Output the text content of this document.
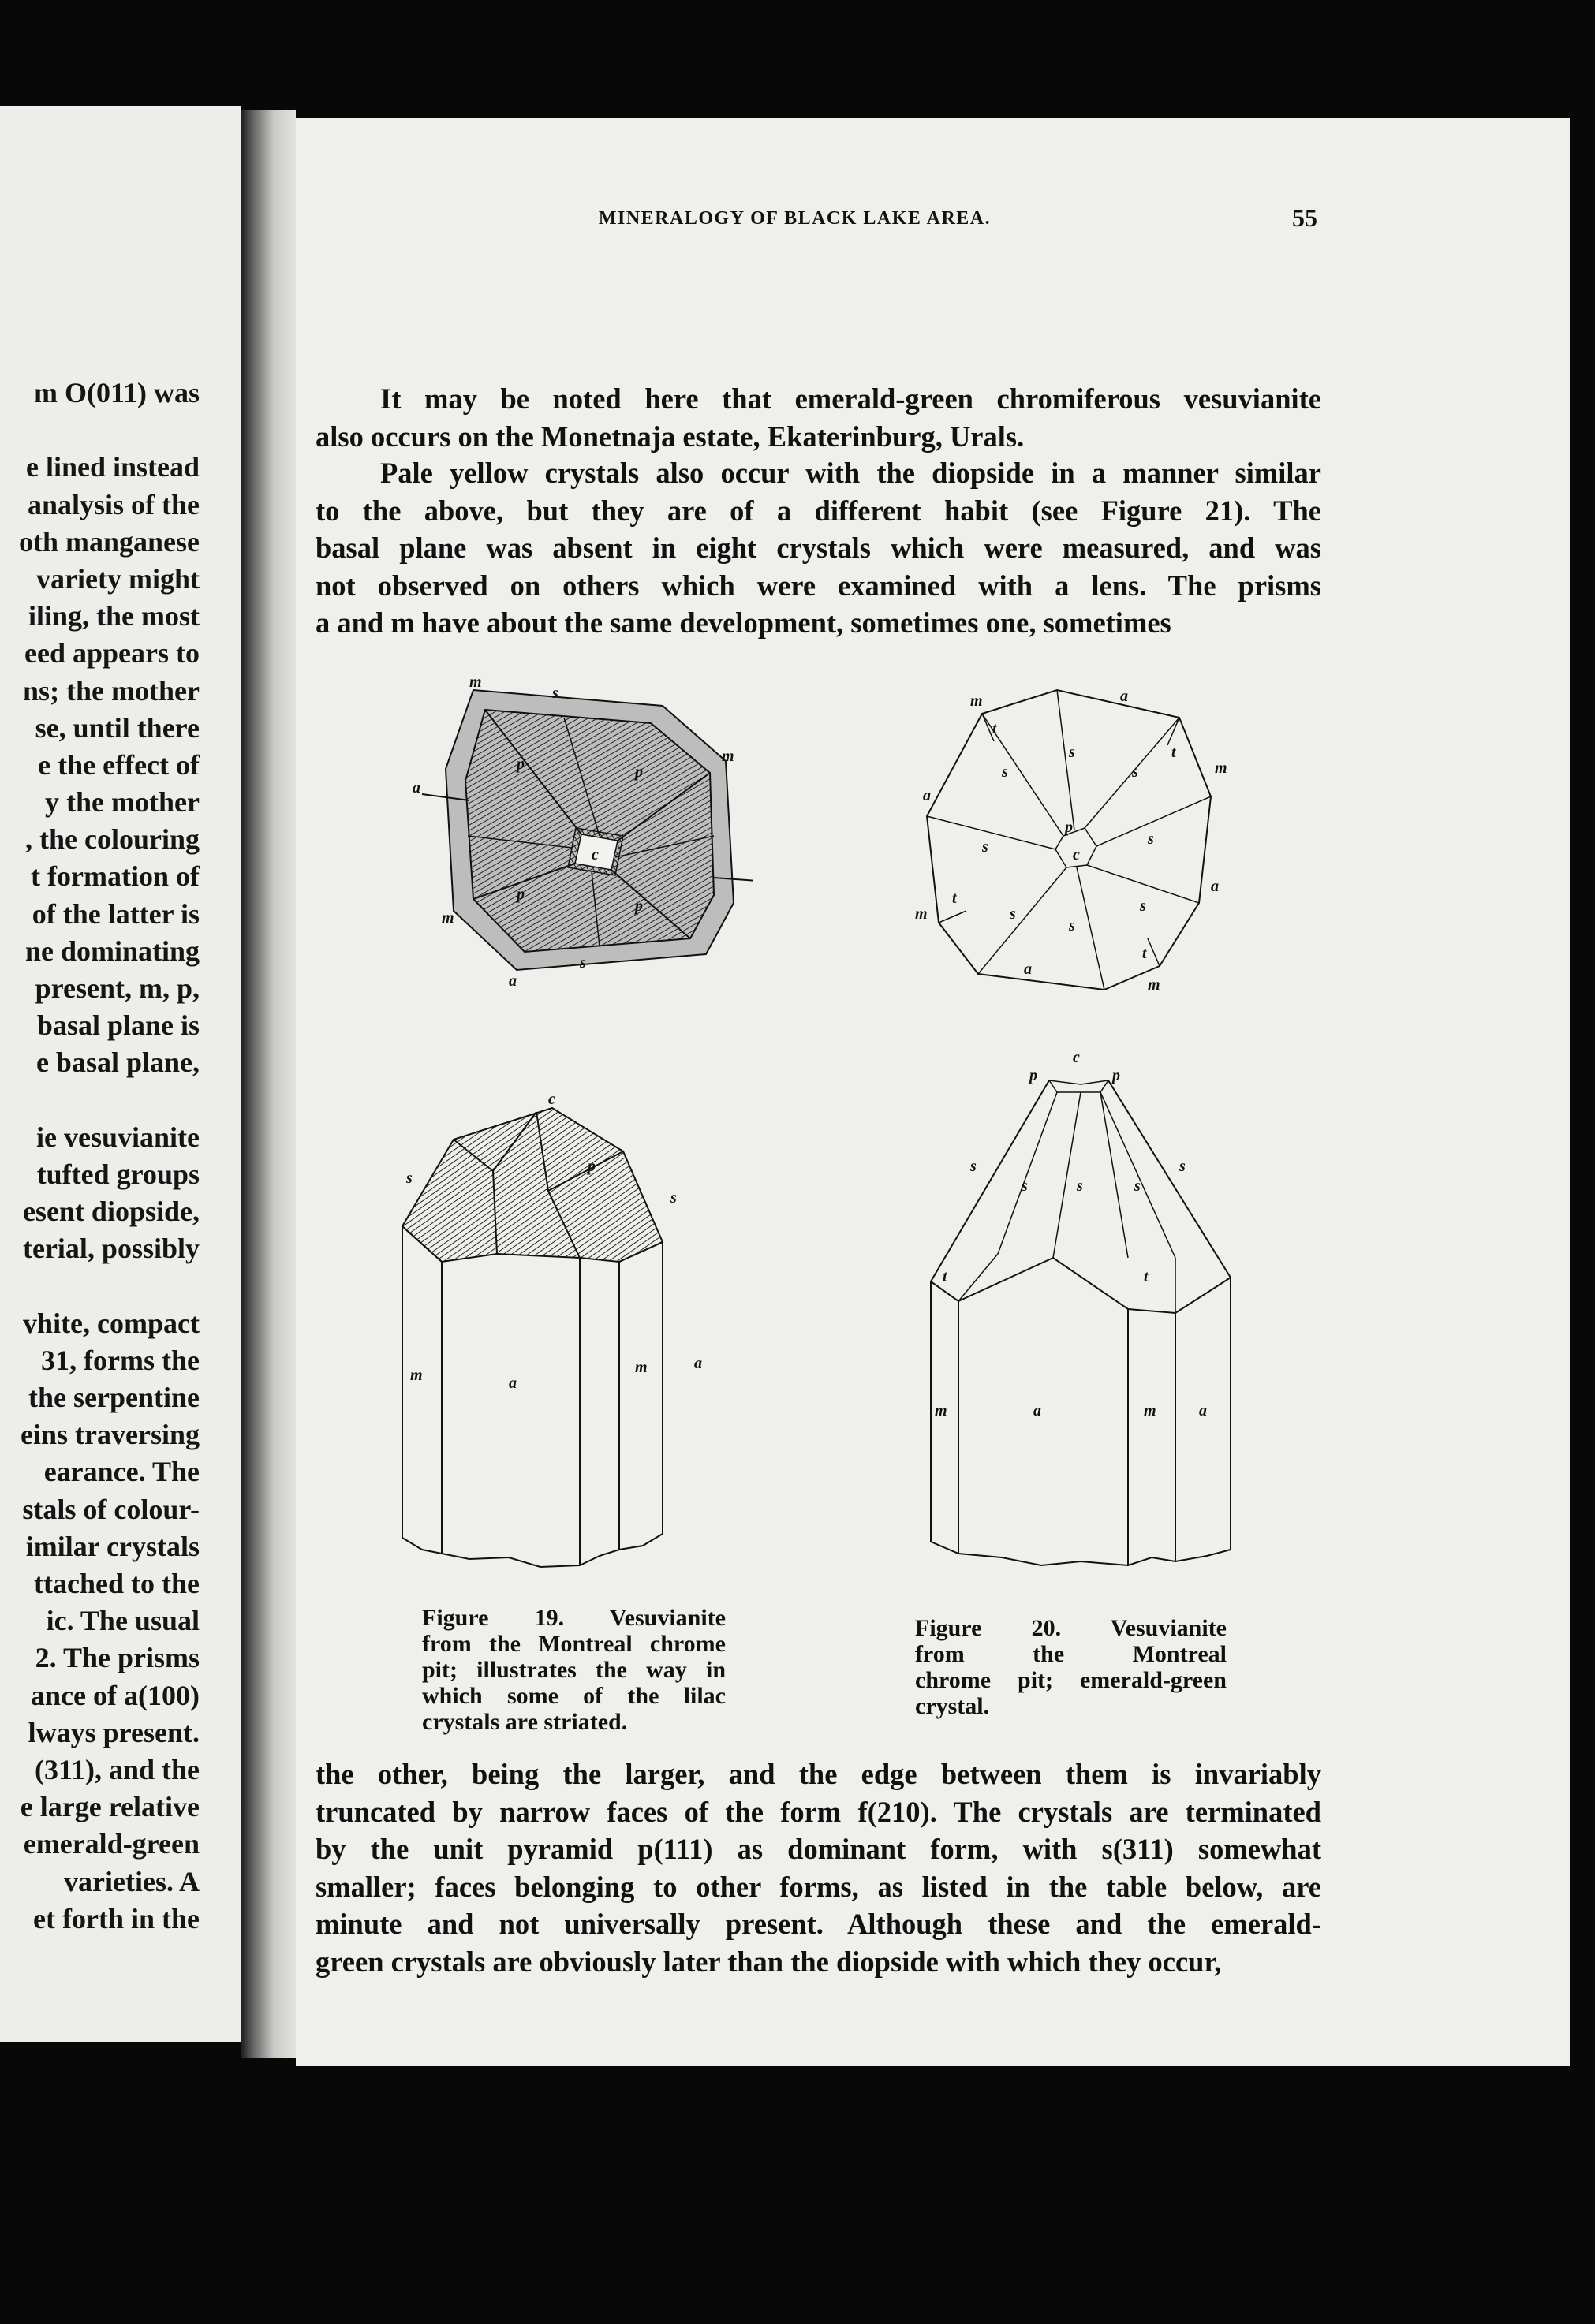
m O(011) was
e lined instead
analysis of the
oth manganese
variety might
iling, the most
eed appears to
ns; the mother
se, until there
e the effect of
y the mother
, the colouring
t formation of
of the latter is
ne dominating
present, m, p,
basal plane is
e basal plane,
ie vesuvianite
tufted groups
esent diopside,
terial, possibly
vhite, compact
31, forms the
the serpentine
eins traversing
earance. The
stals of colour-
imilar crystals
ttached to the
ic. The usual
2. The prisms
ance of a(100)
lways present.
(311), and the
e large relative
emerald-green
varieties. A
et forth in the
MINERALOGY OF BLACK LAKE AREA.	55
It may be noted here that emerald-green chromiferous vesuvianite
also occurs on the Monetnaja estate, Ekaterinburg, Urals.
Pale yellow crystals also occur with the diopside in a manner similar
to the above, but they are of a different habit (see Figure 21). The
basal plane was absent in eight crystals which were measured, and was
not observed on others which were examined with a lens. The prisms
a and m have about the same development, sometimes one, sometimes
the other, being the larger, and the edge between them is invariably
truncated by narrow faces of the form f(210). The crystals are terminated
by the unit pyramid p(111) as dominant form, with s(311) somewhat
smaller; faces belonging to other forms, as listed in the table below, are
minute and not universally present. Although these and the emerald-
green crystals are obviously later than the diopside with which they occur,
m
m
m
a
a
s
s
p	p
p
p
c
m
m
m
m
a
a
a
a
t
t
t
t
s
s
s
s
s
s
s
s
p
c
c
p
s
s
m	m
a
a
c
p	p
s
s	s	s
s
t	t
m	m
a	a
Figure 19. Vesuvianite
from the Montreal chrome
pit; illustrates the way in
which some of the lilac
crystals are striated.
Figure 20. Vesuvianite
from the Montreal
chrome pit; emerald-green
crystal.
